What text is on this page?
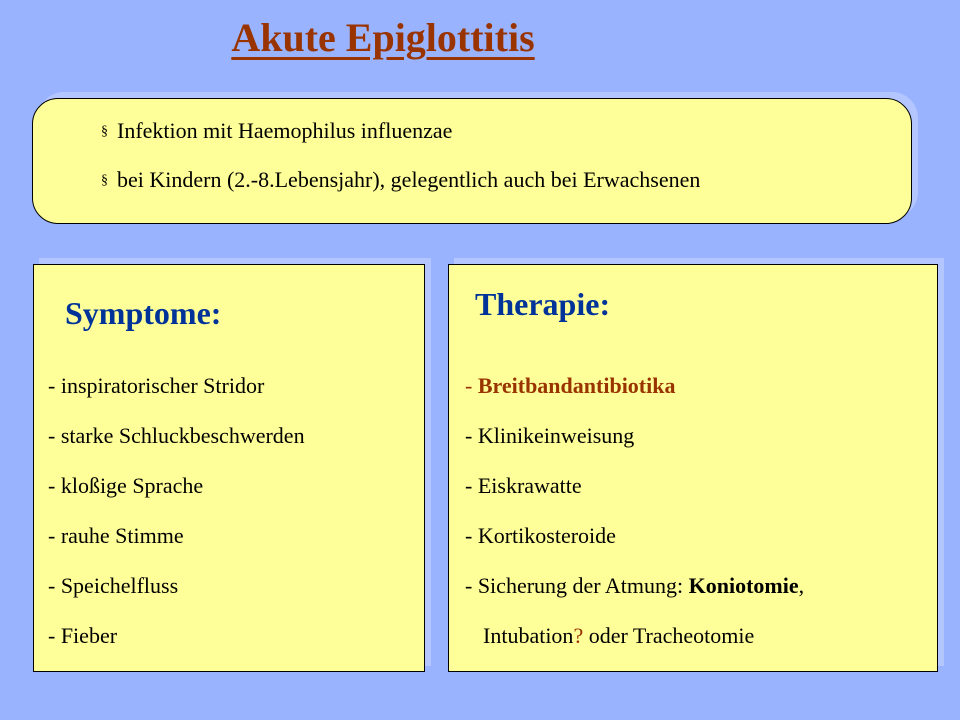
Akute Epiglottitis
§ Infektion mit Haemophilus influenzae
§ bei Kindern (2.-8.Lebensjahr), gelegentlich auch bei Erwachsenen
Symptome:
- inspiratorischer Stridor
- starke Schluckbeschwerden
- kloßige Sprache
- rauhe Stimme
- Speichelfluss
- Fieber
Therapie:
- Breitbandantibiotika
- Klinikeinweisung
- Eiskrawatte
- Kortikosteroide
- Sicherung der Atmung: Koniotomie,
Intubation? oder Tracheotomie
